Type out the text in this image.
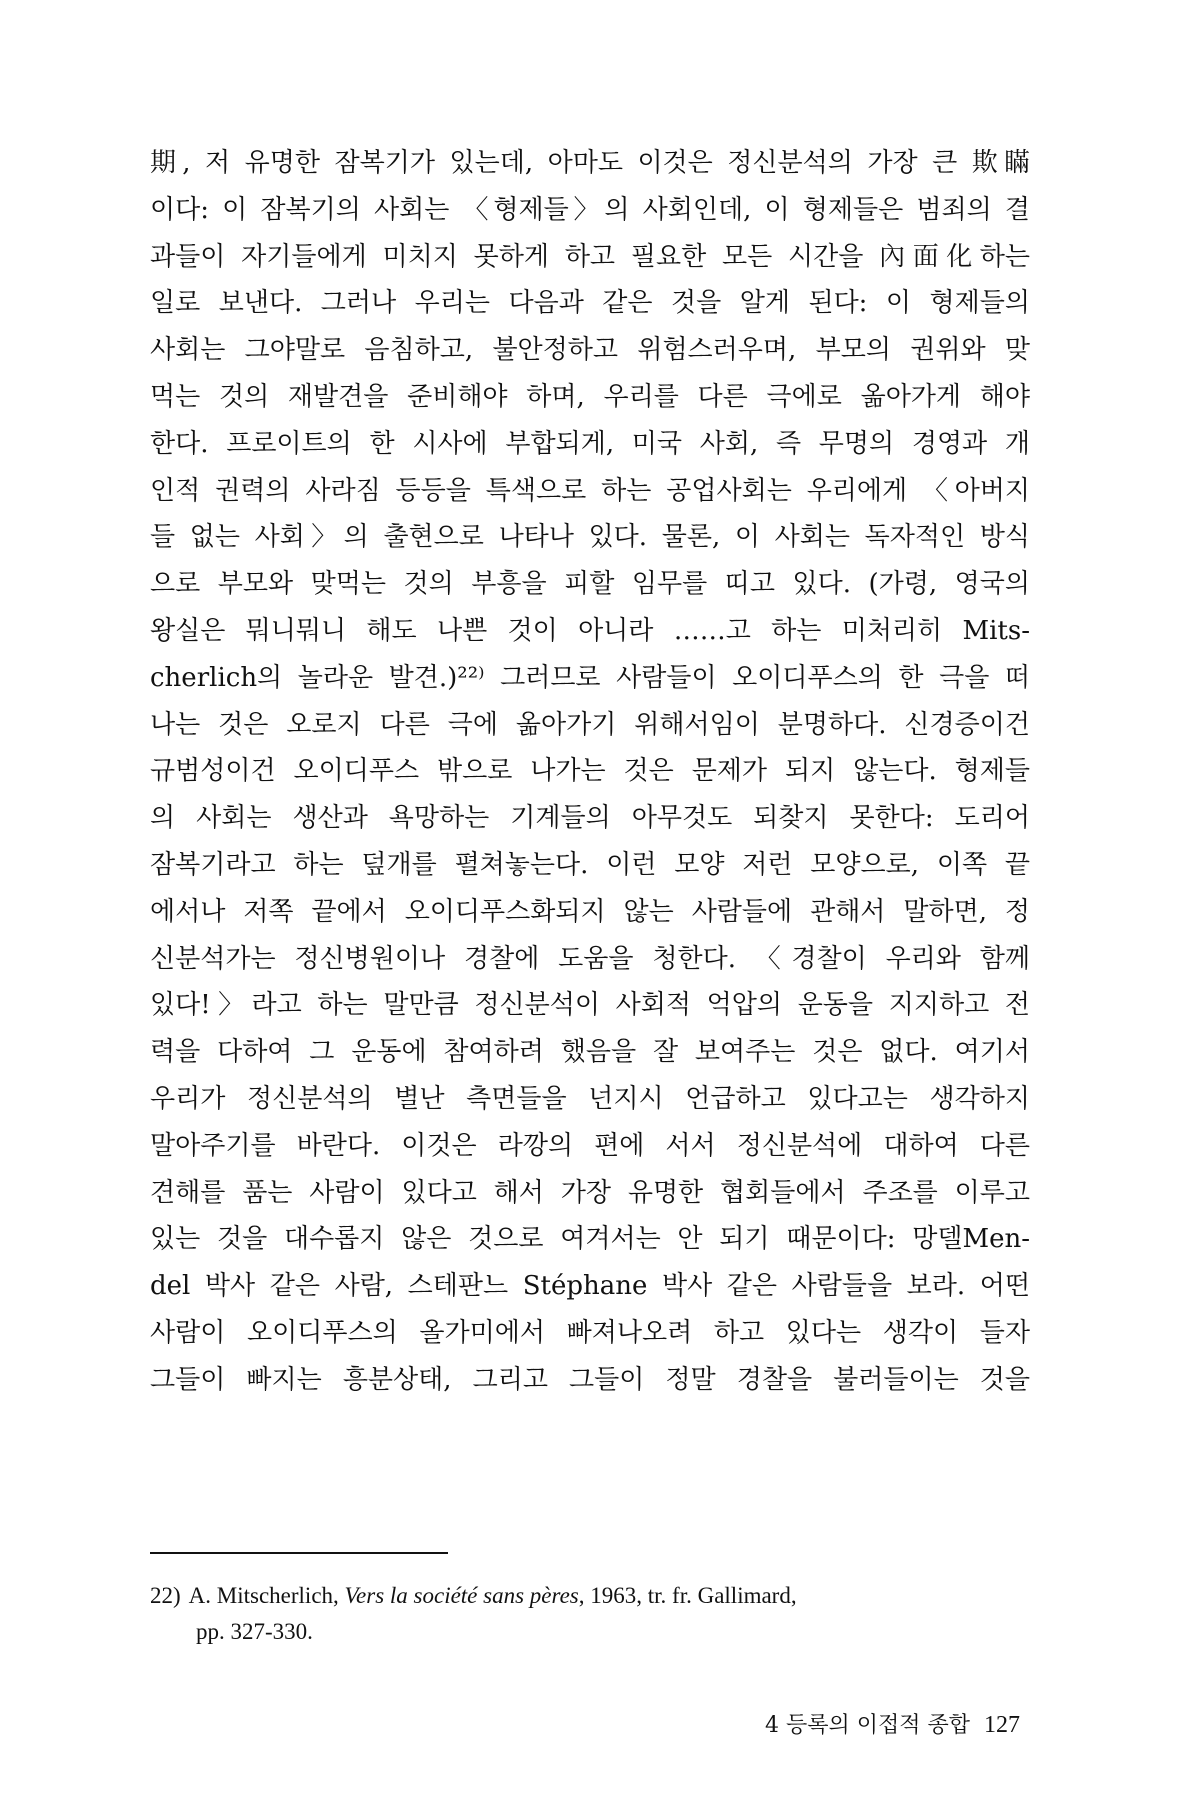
期, 저 유명한 잠복기가 있는데, 아마도 이것은 정신분석의 가장 큰 欺瞞
이다: 이 잠복기의 사회는 〈형제들〉의 사회인데, 이 형제들은 범죄의 결
과들이 자기들에게 미치지 못하게 하고 필요한 모든 시간을 內面化하는
일로 보낸다. 그러나 우리는 다음과 같은 것을 알게 된다: 이 형제들의
사회는 그야말로 음침하고, 불안정하고 위험스러우며, 부모의 권위와 맞
먹는 것의 재발견을 준비해야 하며, 우리를 다른 극에로 옮아가게 해야
한다. 프로이트의 한 시사에 부합되게, 미국 사회, 즉 무명의 경영과 개
인적 권력의 사라짐 등등을 특색으로 하는 공업사회는 우리에게 〈아버지
들 없는 사회〉의 출현으로 나타나 있다. 물론, 이 사회는 독자적인 방식
으로 부모와 맞먹는 것의 부흥을 피할 임무를 띠고 있다. (가령, 영국의
왕실은 뭐니뭐니 해도 나쁜 것이 아니라 ……고 하는 미처리히 Mits-
cherlich의 놀라운 발견.)²²⁾ 그러므로 사람들이 오이디푸스의 한 극을 떠
나는 것은 오로지 다른 극에 옮아가기 위해서임이 분명하다. 신경증이건
규범성이건 오이디푸스 밖으로 나가는 것은 문제가 되지 않는다. 형제들
의 사회는 생산과 욕망하는 기계들의 아무것도 되찾지 못한다: 도리어
잠복기라고 하는 덮개를 펼쳐놓는다. 이런 모양 저런 모양으로, 이쪽 끝
에서나 저쪽 끝에서 오이디푸스화되지 않는 사람들에 관해서 말하면, 정
신분석가는 정신병원이나 경찰에 도움을 청한다. 〈경찰이 우리와 함께
있다!〉라고 하는 말만큼 정신분석이 사회적 억압의 운동을 지지하고 전
력을 다하여 그 운동에 참여하려 했음을 잘 보여주는 것은 없다. 여기서
우리가 정신분석의 별난 측면들을 넌지시 언급하고 있다고는 생각하지
말아주기를 바란다. 이것은 라깡의 편에 서서 정신분석에 대하여 다른
견해를 품는 사람이 있다고 해서 가장 유명한 협회들에서 주조를 이루고
있는 것을 대수롭지 않은 것으로 여겨서는 안 되기 때문이다: 망델Men-
del 박사 같은 사람, 스테판느 Stéphane 박사 같은 사람들을 보라. 어떤
사람이 오이디푸스의 올가미에서 빠져나오려 하고 있다는 생각이 들자
그들이 빠지는 흥분상태, 그리고 그들이 정말 경찰을 불러들이는 것을
22) A. Mitscherlich, Vers la société sans pères, 1963, tr. fr. Gallimard,
pp. 327-330.
4 등록의 이접적 종합 127
